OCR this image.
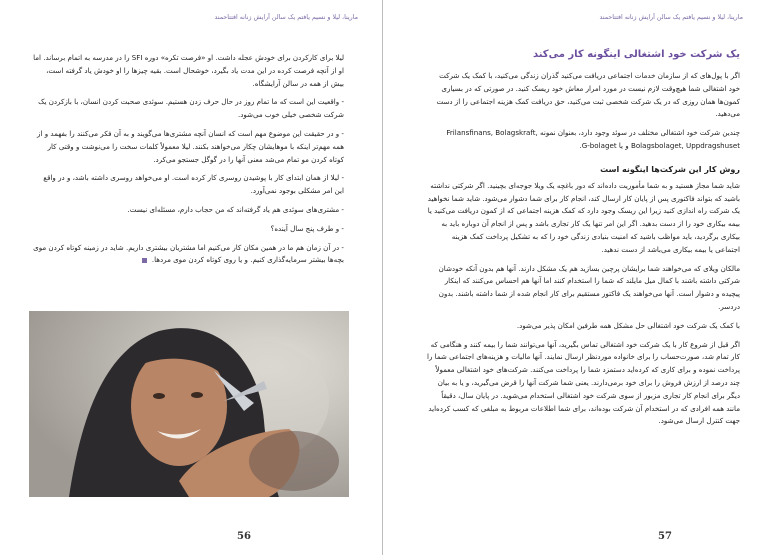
مارینا، لیلا و نسیم یافتم یک سالن آرایش زنانه افتتاحمند

لیلا برای کارکردن برای خودش عجله داشت. او «فرصت تکره» دوره SFI را در مدرسه به اتمام برساند. اما او از آنچه فرصت کرده در این مدت یاد بگیرد، خوشحال است. بقیه چیزها را او خودش یاد گرفته است، بیش از همه در سالن آرایشگاه.

- واقعیت این است که ما تمام روز در حال حرف زدن هستیم. سوئدی صحبت کردن انسان، با بازکردن یک شرکت شخصی خیلی خوب می‌شود.

- و در حقیقت این موضوع مهم است که انسان آنچه مشتری‌ها می‌گویند و به آن فکر می‌کنند را بفهمد و از همه مهم‌تر اینکه با موهایشان چکار می‌خواهند بکنند. لیلا معمولاً کلمات سخت را می‌نوشت و وقتی کار کوتاه کردن مو تمام می‌شد معنی آنها را در گوگل جستجو می‌کرد.

- لیلا از همان ابتدای کار با پوشیدن روسری کار کرده است. او می‌خواهد روسری داشته باشد، و در واقع این امر مشکلی بوجود نمی‌آورد.

- مشتری‌های سوئدی هم یاد گرفته‌اند که من حجاب دارم، مسئله‌ای نیست.

- و طرف پنج سال آینده؟

- در آن زمان هم ما در همین مکان کار می‌کنیم اما مشتریان بیشتری داریم. شاید در زمینه کوتاه کردن موی بچه‌ها بیشتر سرمایه‌گذاری کنیم. و یا روی کوتاه کردن موی مردها.

56
مارینا، لیلا و نسیم یافتم یک سالن آرایش زنانه افتتاحمند
یک شرکت خود اشتغالی اینگونه کار می‌کند

اگر با پول‌های که از سازمان خدمات اجتماعی دریافت می‌کنید گذران زندگی می‌کنید، با کمک یک شرکت خود اشتغالی شما هیچ‌وقت لازم نیست در مورد امرار معاش خود ریسک کنید. در صورتی که در بسیاری کمون‌ها همان روزی که در یک شرکت شخصی ثبت می‌کنید، حق دریافت کمک هزینه اجتماعی را از دست می‌دهید.

چندین شرکت خود اشتغالی مختلف در سوئد وجود دارد، بعنوان نمونه Frilansfinans, Bolagskraft, Bolagsbolaget, Uppdragshuset و یا G-bolaget.

روش کار این شرکت‌ها اینگونه است

شاید شما مجاز هستید و به شما مأموریت داده‌اند که دور باغچه یک ویلا جوجه‌ای بچینید. اگر شرکتی نداشته باشید که بتواند فاکتوری پس از پایان کار ارسال کند، انجام کار برای شما دشوار می‌شود. شاید شما نخواهید یک شرکت راه اندازی کنید زیرا این ریسک وجود دارد که کمک هزینه اجتماعی که از کمون دریافت می‌کنید یا بیمه بیکاری خود را از دست بدهید. اگر این امر تنها یک کار تجاری باشد و پس از انجام آن دوباره باید به بیکاری برگردید، باید مواظب باشید که امنیت بنیادی زندگی خود را که به تشکیل پرداخت کمک هزینه اجتماعی یا بیمه بیکاری می‌باشد از دست ندهید.

مالکان ویلای که می‌خواهند شما برایشان پرچین بسازید هم یک مشکل دارند. آنها هم بدون آنکه خودشان شرکتی داشته باشند با کمال میل مایلند که شما را استخدام کنند اما آنها هم احساس می‌کنند که اینکار پیچیده و دشوار است. آنها می‌خواهند یک فاکتور مستقیم برای کار انجام شده از شما داشته باشند. بدون دردسر.

با کمک یک شرکت خود اشتغالی حل مشکل همه طرفین امکان پذیر می‌شود.

اگر قبل از شروع کار با یک شرکت خود اشتغالی تماس بگیرید، آنها می‌توانند شما را بیمه کنند و هنگامی که کار تمام شد، صورت‌حساب را برای خانواده موردنظر ارسال نمایند. آنها مالیات و هزینه‌های اجتماعی شما را پرداخت نموده و برای کاری که کرده‌اید دستمزد شما را پرداخت می‌کنند. شرکت‌های خود اشتغالی معمولاً چند درصد از ارزش فروش را برای خود برمی‌دارند. یعنی شما شرکت آنها را قرض می‌گیرید، و یا به بیان دیگر برای انجام کار تجاری مزبور از سوی شرکت خود اشتغالی استخدام می‌شوید. در پایان سال، دقیقاً مانند همه افرادی که در استخدام آن شرکت بوده‌اند، برای شما اطلاعات مربوط به مبلغی که کسب کرده‌اید جهت کنترل ارسال می‌شود.

57
